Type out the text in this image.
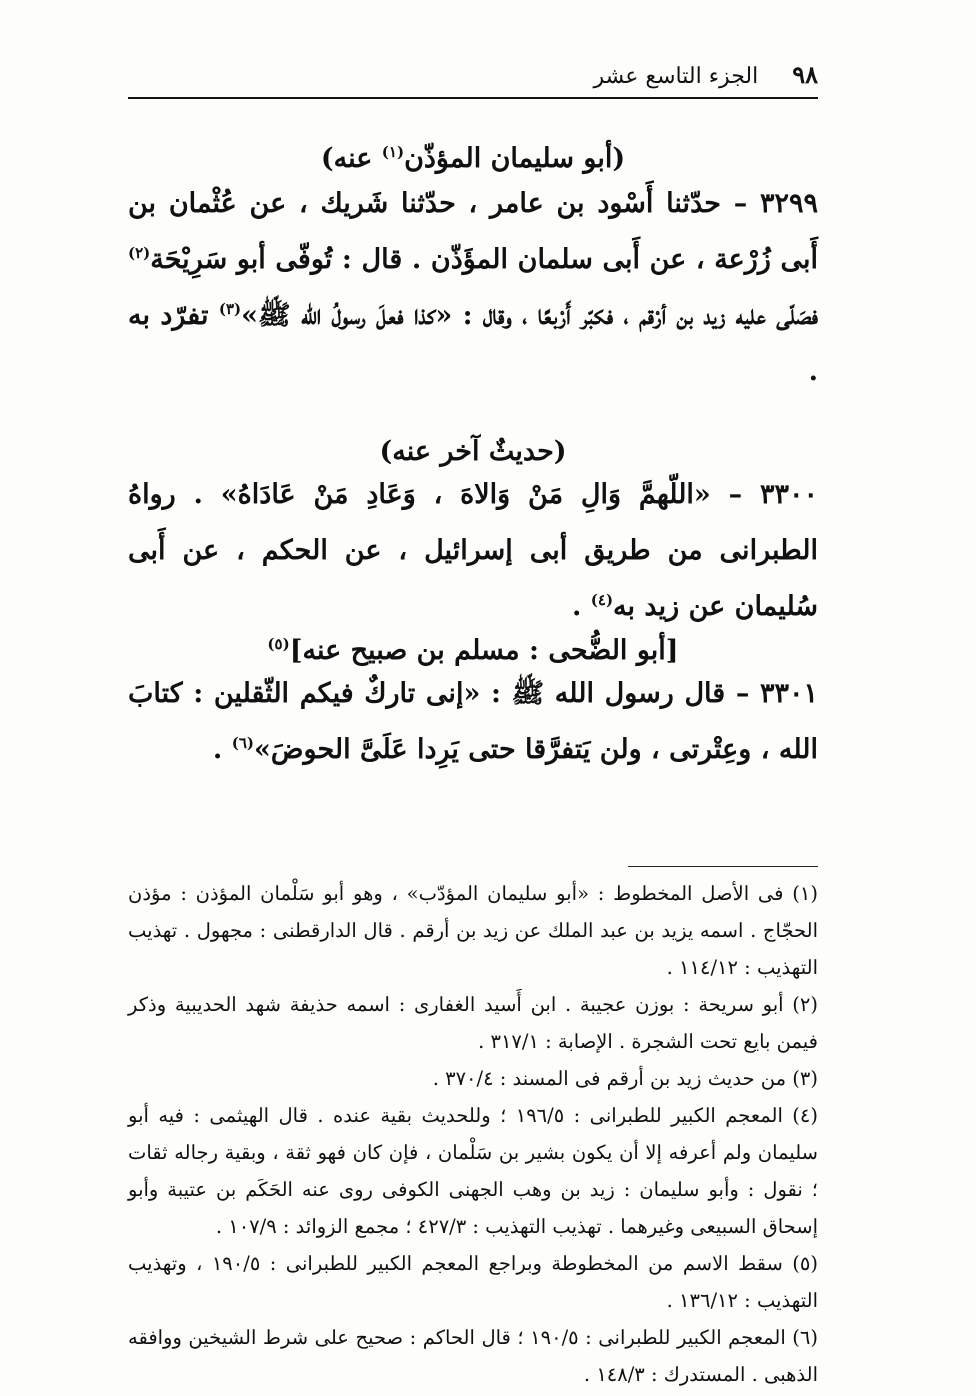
٩٨
الجزء التاسع عشر
(أبو سليمان المؤذّن$^{(١)}$ عنه)

٣٢٩٩ – حدّثنا أَسْود بن عامر ، حدّثنا شَريك ، عن عُثْمان بن أَبى زُرْعة ، عن أَبى سلمان المؤَذّن . قال : تُوفّى أبو سَرِيْحَة$^{(٢)}$ فصَلّى عليه زيد بن أرْقم ، فكبّر أَرْبعًا ، وقال : «كذا فعلَ رسولُ الله ﷺ»$^{(٣)}$ تفرّد به .

(حديثٌ آخر عنه)

٣٣٠٠ – «اللّهمَّ وَالِ مَنْ وَالاهَ ، وَعَادِ مَنْ عَادَاهُ» . رواهُ الطبرانى من طريق أبى إسرائيل ، عن الحكم ، عن أَبى سُليمان عن زيد به$^{(٤)}$ .

[أبو الضُّحى : مسلم بن صبيح عنه]$^{(٥)}$

٣٣٠١ – قال رسول الله ﷺ : «إنى تاركٌ فيكم الثّقلين : كتابَ الله ، وعِتْرتى ، ولن يَتفرَّقا حتى يَرِدا عَلَىَّ الحوضَ»$^{(٦)}$ .

(١) فى الأصل المخطوط : «أبو سليمان المؤدّب» ، وهو أبو سَلْمان المؤذن : مؤذن الحجّاج . اسمه يزيد بن عبد الملك عن زيد بن أرقم . قال الدارقطنى : مجهول . تهذيب التهذيب : ١١٤/١٢ .

(٢) أبو سريحة : بوزن عجيبة . ابن أَسيد الغفارى : اسمه حذيفة شهد الحديبية وذكر فيمن بايع تحت الشجرة . الإصابة : ٣١٧/١ .

(٣) من حديث زيد بن أرقم فى المسند : ٣٧٠/٤ .

(٤) المعجم الكبير للطبرانى : ١٩٦/٥ ؛ وللحديث بقية عنده . قال الهيثمى : فيه أبو سليمان ولم أعرفه إلا أن يكون بشير بن سَلْمان ، فإن كان فهو ثقة ، وبقية رجاله ثقات ؛ نقول : وأبو سليمان : زيد بن وهب الجهنى الكوفى روى عنه الحَكَم بن عتيبة وأبو إسحاق السبيعى وغيرهما . تهذيب التهذيب : ٤٢٧/٣ ؛ مجمع الزوائد : ١٠٧/٩ .

(٥) سقط الاسم من المخطوطة وبراجع المعجم الكبير للطبرانى : ١٩٠/٥ ، وتهذيب التهذيب : ١٣٦/١٢ .

(٦) المعجم الكبير للطبرانى : ١٩٠/٥ ؛ قال الحاكم : صحيح على شرط الشيخين ووافقه الذهبى . المستدرك : ١٤٨/٣ .
